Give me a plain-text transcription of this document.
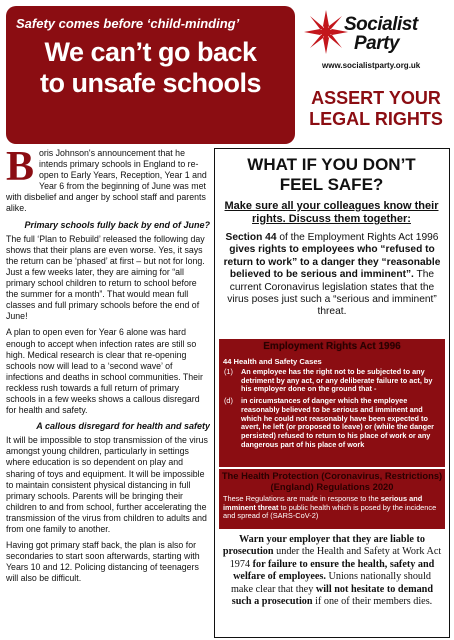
Safety comes before ‘child-minding’
We can’t go back
to unsafe schools
Socialist
Party
www.socialistparty.org.uk
ASSERT YOUR
LEGAL RIGHTS

Boris Johnson's announcement that he intends primary schools in England to re-open to Early Years, Reception, Year 1 and Year 6 from the beginning of June was met with disbelief and anger by school staff and parents alike.

Primary schools fully back by end of June?

The full ‘Plan to Rebuild’ released the following day shows that their plans are even worse. Yes, it says the return can be ‘phased’ at first – but not for long. Just a few weeks later, they are aiming for “all primary school children to return to school before the summer for a month”. That would mean full classes and full primary schools before the end of June!

A plan to open even for Year 6 alone was hard enough to accept when infection rates are still so high. Medical research is clear that re-opening schools now will lead to a ‘second wave’ of infections and deaths in school communities. Their reckless rush towards a full return of primary schools in a few weeks shows a callous disregard for health and safety.

A callous disregard for health and safety

It will be impossible to stop transmission of the virus amongst young children, particularly in settings where education is so dependent on play and sharing of toys and equipment. It will be impossible to maintain consistent physical distancing in full primary schools. Parents will be bringing their children to and from school, further accelerating the transmission of the virus from children to adults and from one family to another.

Having got primary staff back, the plan is also for secondaries to start soon afterwards, starting with Years 10 and 12. Policing distancing of teenagers will also be difficult.

WHAT IF YOU DON’T
FEEL SAFE?
Make sure all your colleagues know their rights. Discuss them together:
Section 44 of the Employment Rights Act 1996 gives rights to employees who “refused to return to work” to a danger they “reasonable believed to be serious and imminent”. The current Coronavirus legislation states that the virus poses just such a “serious and imminent” threat.
Employment Rights Act 1996
44 Health and Safety Cases
(1) An employee has the right not to be subjected to any detriment by any act, or any deliberate failure to act, by his employer done on the ground that -
(d) in circumstances of danger which the employee reasonably believed to be serious and imminent and which he could not reasonably have been expected to avert, he left (or proposed to leave) or (while the danger persisted) refused to return to his place of work or any dangerous part of his place of work
The Health Protection (Coronavirus, Restrictions) (England) Regulations 2020
These Regulations are made in response to the serious and imminent threat to public health which is posed by the incidence and spread of (SARS-CoV-2)
Warn your employer that they are liable to prosecution under the Health and Safety at Work Act 1974 for failure to ensure the health, safety and welfare of employees. Unions nationally should make clear that they will not hesitate to demand such a prosecution if one of their members dies.
